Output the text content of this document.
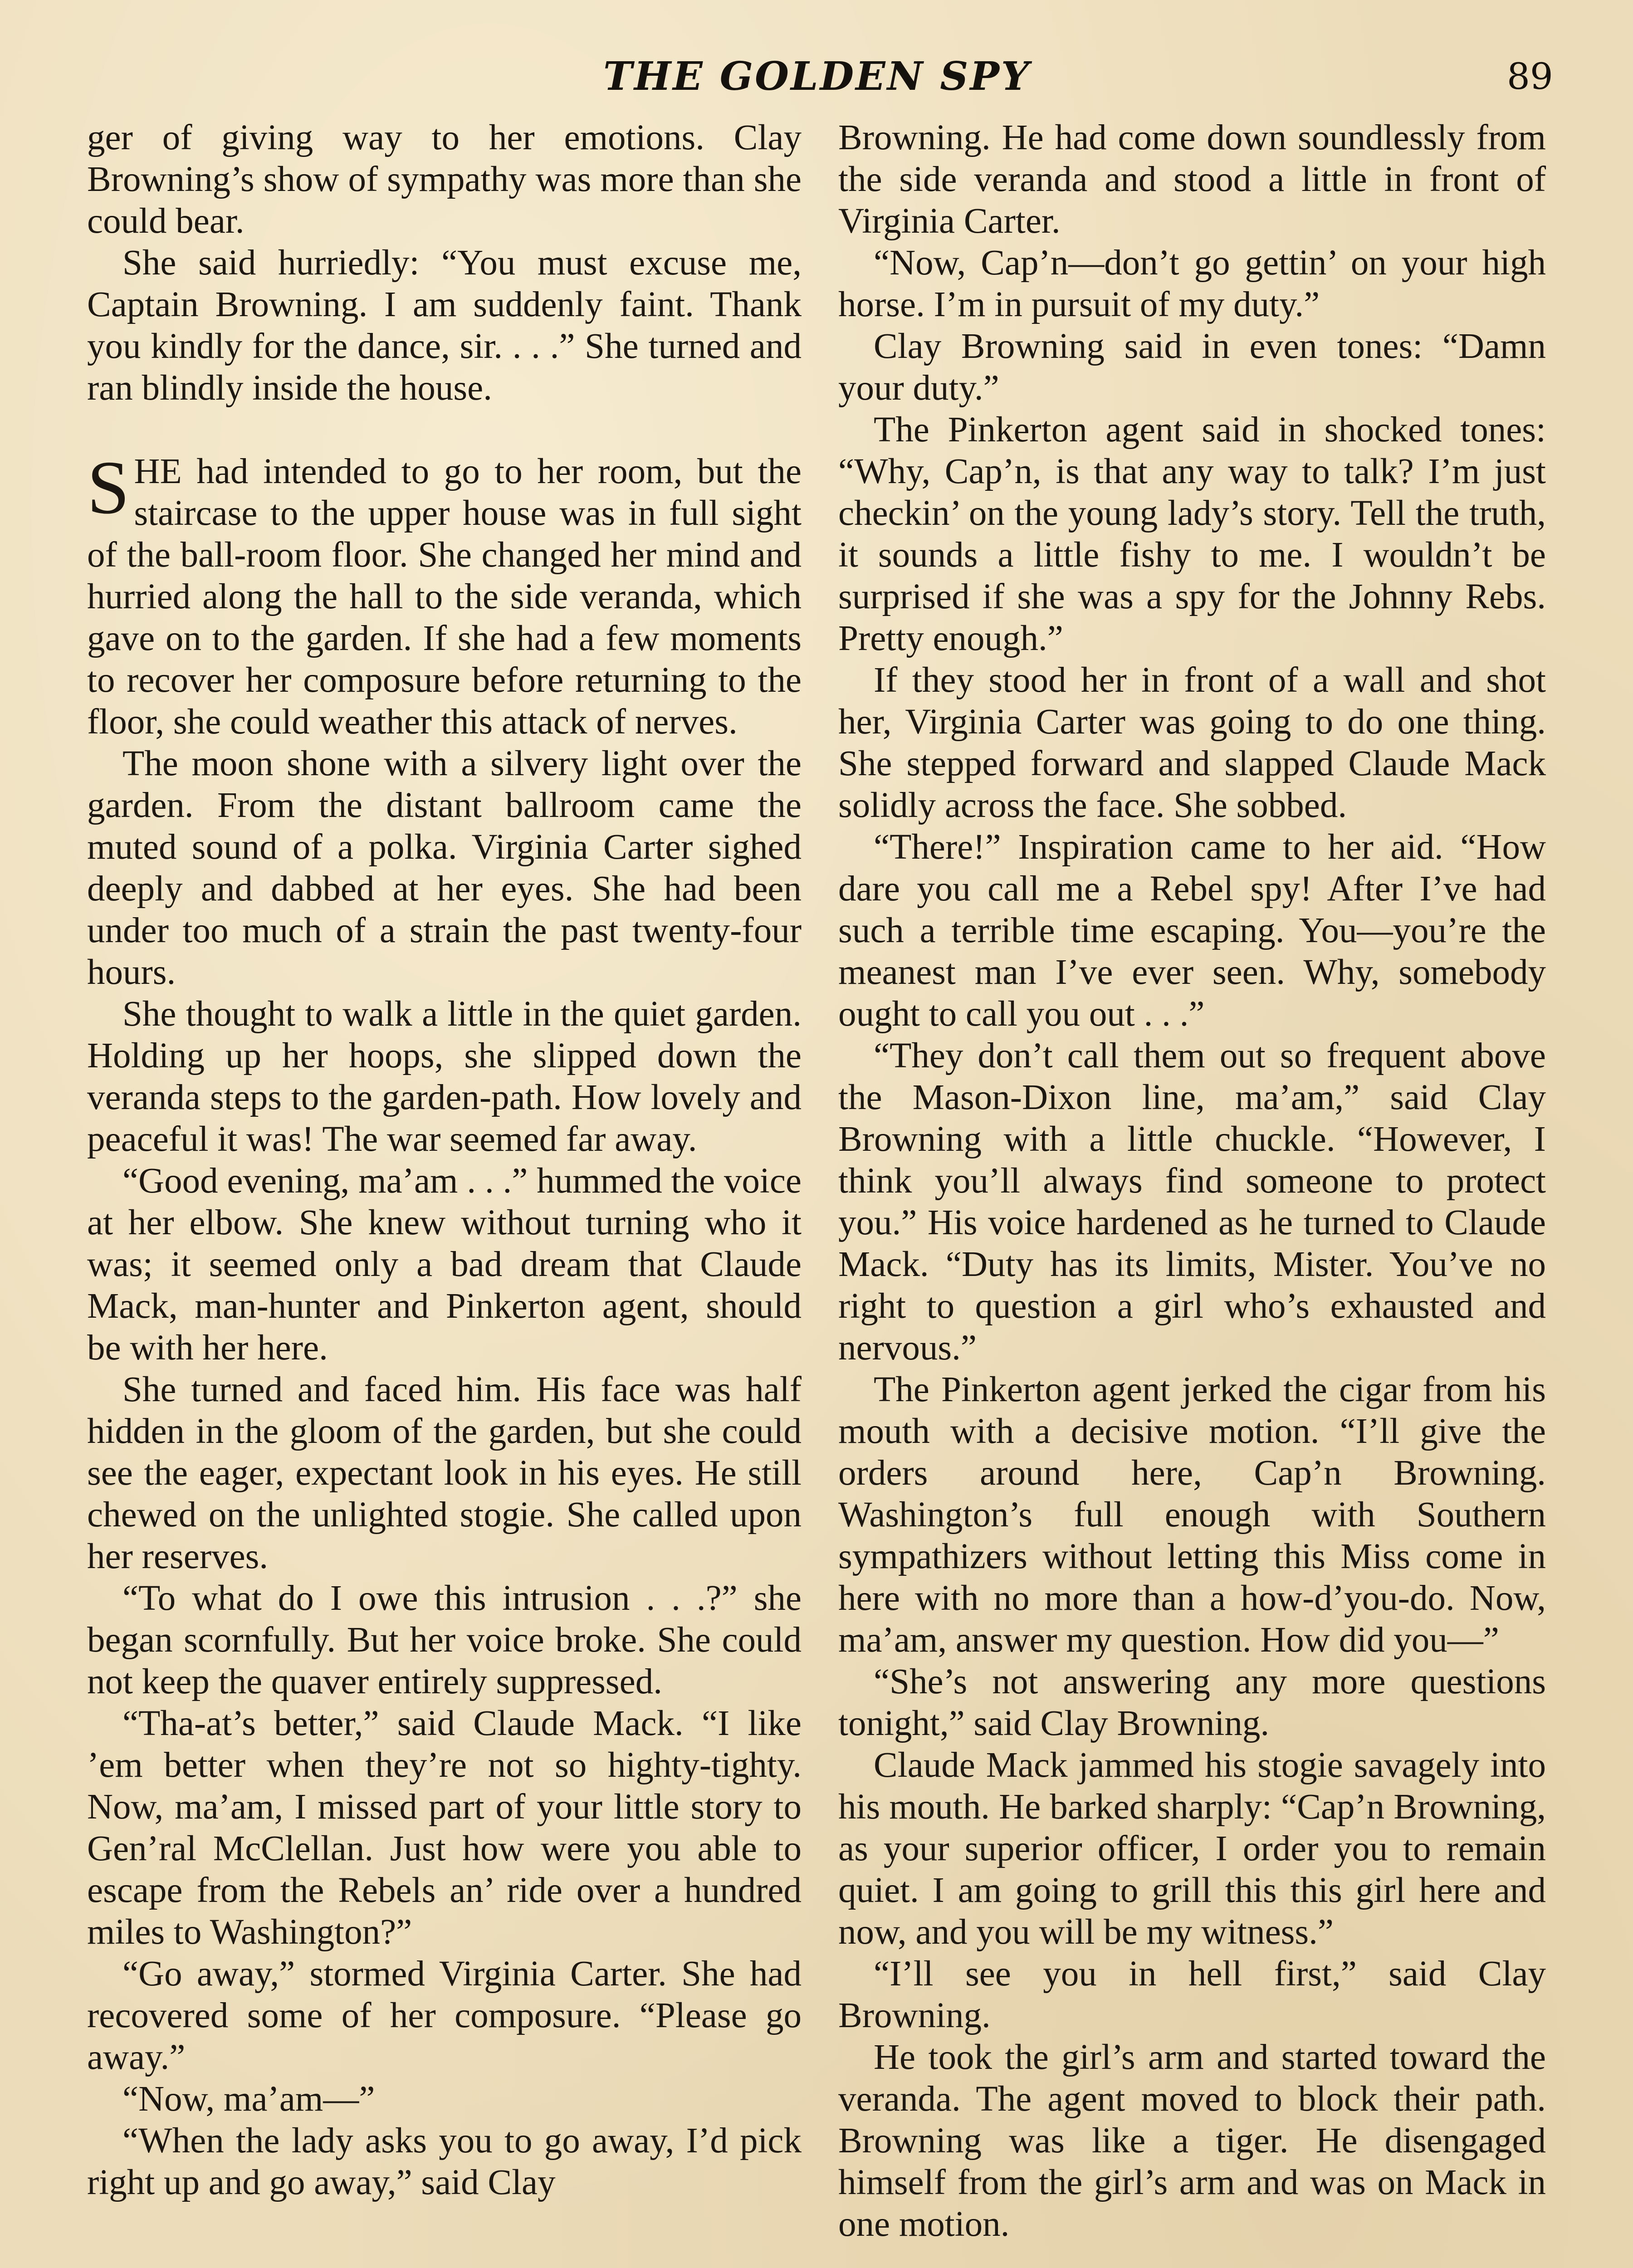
THE GOLDEN SPY	89

ger of giving way to her emotions. Clay Browning’s show of sympathy was more than she could bear.

She said hurriedly: “You must excuse me, Captain Browning. I am suddenly faint. Thank you kindly for the dance, sir. . . .” She turned and ran blindly inside the house.

SHE had intended to go to her room, but the staircase to the upper house was in full sight of the ball-room floor. She changed her mind and hurried along the hall to the side veranda, which gave on to the garden. If she had a few moments to recover her composure before returning to the floor, she could weather this attack of nerves.

The moon shone with a silvery light over the garden. From the distant ballroom came the muted sound of a polka. Virginia Carter sighed deeply and dabbed at her eyes. She had been under too much of a strain the past twenty-four hours.

She thought to walk a little in the quiet garden. Holding up her hoops, she slipped down the veranda steps to the garden-path. How lovely and peaceful it was! The war seemed far away.

“Good evening, ma’am . . .” hummed the voice at her elbow. She knew without turning who it was; it seemed only a bad dream that Claude Mack, man-hunter and Pinkerton agent, should be with her here.

She turned and faced him. His face was half hidden in the gloom of the garden, but she could see the eager, expectant look in his eyes. He still chewed on the unlighted stogie. She called upon her reserves.

“To what do I owe this intrusion . . .?” she began scornfully. But her voice broke. She could not keep the quaver entirely suppressed.

“Tha-at’s better,” said Claude Mack. “I like ’em better when they’re not so highty-tighty. Now, ma’am, I missed part of your little story to Gen’ral McClellan. Just how were you able to escape from the Rebels an’ ride over a hundred miles to Washington?”

“Go away,” stormed Virginia Carter. She had recovered some of her composure. “Please go away.”

“Now, ma’am—”

“When the lady asks you to go away, I’d pick right up and go away,” said Clay

Browning. He had come down soundlessly from the side veranda and stood a little in front of Virginia Carter.

“Now, Cap’n—don’t go gettin’ on your high horse. I’m in pursuit of my duty.”

Clay Browning said in even tones: “Damn your duty.”

The Pinkerton agent said in shocked tones: “Why, Cap’n, is that any way to talk? I’m just checkin’ on the young lady’s story. Tell the truth, it sounds a little fishy to me. I wouldn’t be surprised if she was a spy for the Johnny Rebs. Pretty enough.”

If they stood her in front of a wall and shot her, Virginia Carter was going to do one thing. She stepped forward and slapped Claude Mack solidly across the face. She sobbed.

“There!” Inspiration came to her aid. “How dare you call me a Rebel spy! After I’ve had such a terrible time escaping. You—you’re the meanest man I’ve ever seen. Why, somebody ought to call you out . . .”

“They don’t call them out so frequent above the Mason-Dixon line, ma’am,” said Clay Browning with a little chuckle. “However, I think you’ll always find someone to protect you.” His voice hardened as he turned to Claude Mack. “Duty has its limits, Mister. You’ve no right to question a girl who’s exhausted and nervous.”

The Pinkerton agent jerked the cigar from his mouth with a decisive motion. “I’ll give the orders around here, Cap’n Browning. Washington’s full enough with Southern sympathizers without letting this Miss come in here with no more than a how-d’you-do. Now, ma’am, answer my question. How did you—”

“She’s not answering any more questions tonight,” said Clay Browning.

Claude Mack jammed his stogie savagely into his mouth. He barked sharply: “Cap’n Browning, as your superior officer, I order you to remain quiet. I am going to grill this this girl here and now, and you will be my witness.”

“I’ll see you in hell first,” said Clay Browning.

He took the girl’s arm and started toward the veranda. The agent moved to block their path. Browning was like a tiger. He disengaged himself from the girl’s arm and was on Mack in one motion.
